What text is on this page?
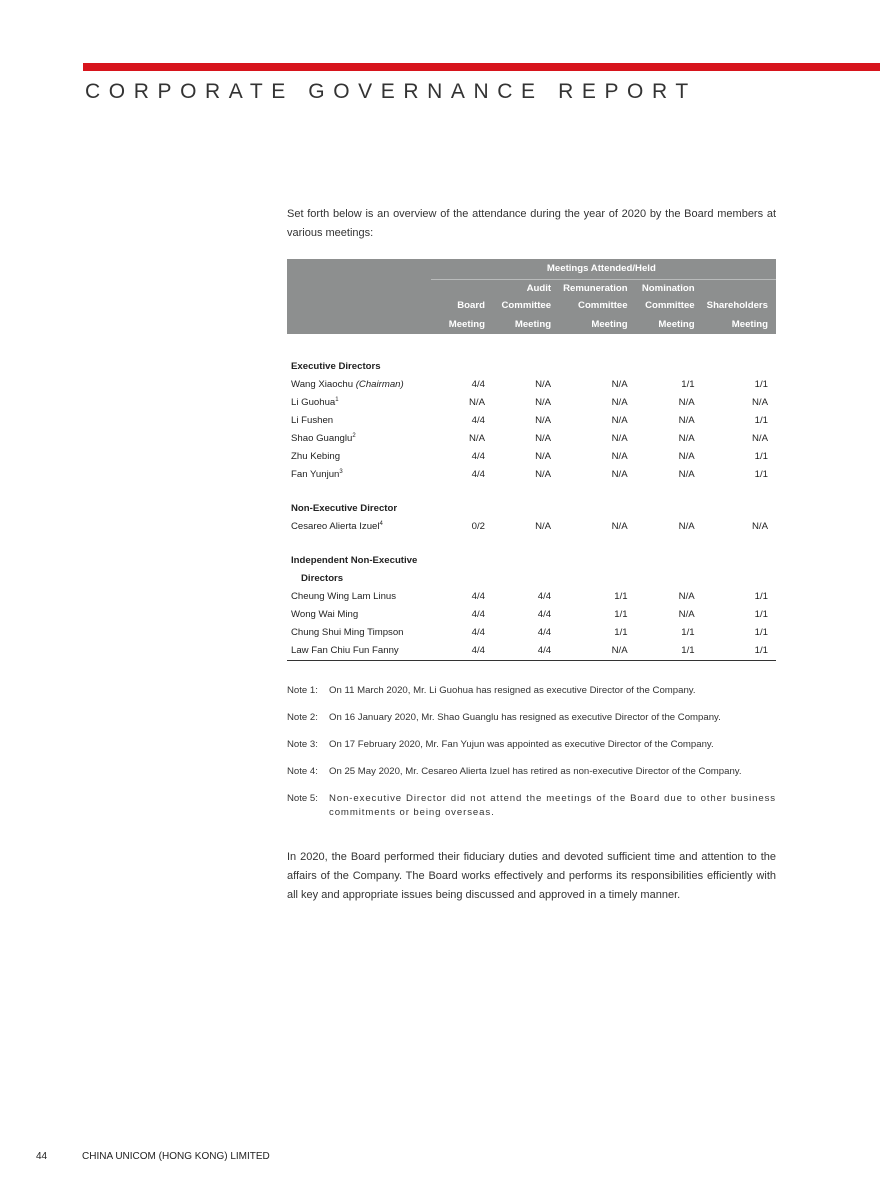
CORPORATE GOVERNANCE REPORT

Set forth below is an overview of the attendance during the year of 2020 by the Board members at various meetings:

	Meetings Attended/Held				
		Audit	Remuneration	Nomination	
	Board	Committee	Committee	Committee	Shareholders
	Meeting	Meeting	Meeting	Meeting	Meeting

Executive Directors					
Wang Xiaochu (Chairman)	4/4	N/A	N/A	1/1	1/1
Li Guohua$^1$	N/A	N/A	N/A	N/A	N/A
Li Fushen	4/4	N/A	N/A	N/A	1/1
Shao Guanglu$^2$	N/A	N/A	N/A	N/A	N/A
Zhu Kebing	4/4	N/A	N/A	N/A	1/1
Fan Yunjun$^3$	4/4	N/A	N/A	N/A	1/1

Non-Executive Director					
Cesareo Alierta Izuel$^4$	0/2	N/A	N/A	N/A	N/A

Independent Non-Executive					
Directors					
Cheung Wing Lam Linus	4/4	4/4	1/1	N/A	1/1
Wong Wai Ming	4/4	4/4	1/1	N/A	1/1
Chung Shui Ming Timpson	4/4	4/4	1/1	1/1	1/1
Law Fan Chiu Fun Fanny	4/4	4/4	N/A	1/1	1/1
Note 1:	On 11 March 2020, Mr. Li Guohua has resigned as executive Director of the Company.
Note 2:	On 16 January 2020, Mr. Shao Guanglu has resigned as executive Director of the Company.
Note 3:	On 17 February 2020, Mr. Fan Yujun was appointed as executive Director of the Company.
Note 4:	On 25 May 2020, Mr. Cesareo Alierta Izuel has retired as non-executive Director of the Company.
Note 5:	Non-executive Director did not attend the meetings of the Board due to other business commitments or being overseas.

In 2020, the Board performed their fiduciary duties and devoted sufficient time and attention to the affairs of the Company. The Board works effectively and performs its responsibilities efficiently with all key and appropriate issues being discussed and approved in a timely manner.

44	CHINA UNICOM (HONG KONG) LIMITED
